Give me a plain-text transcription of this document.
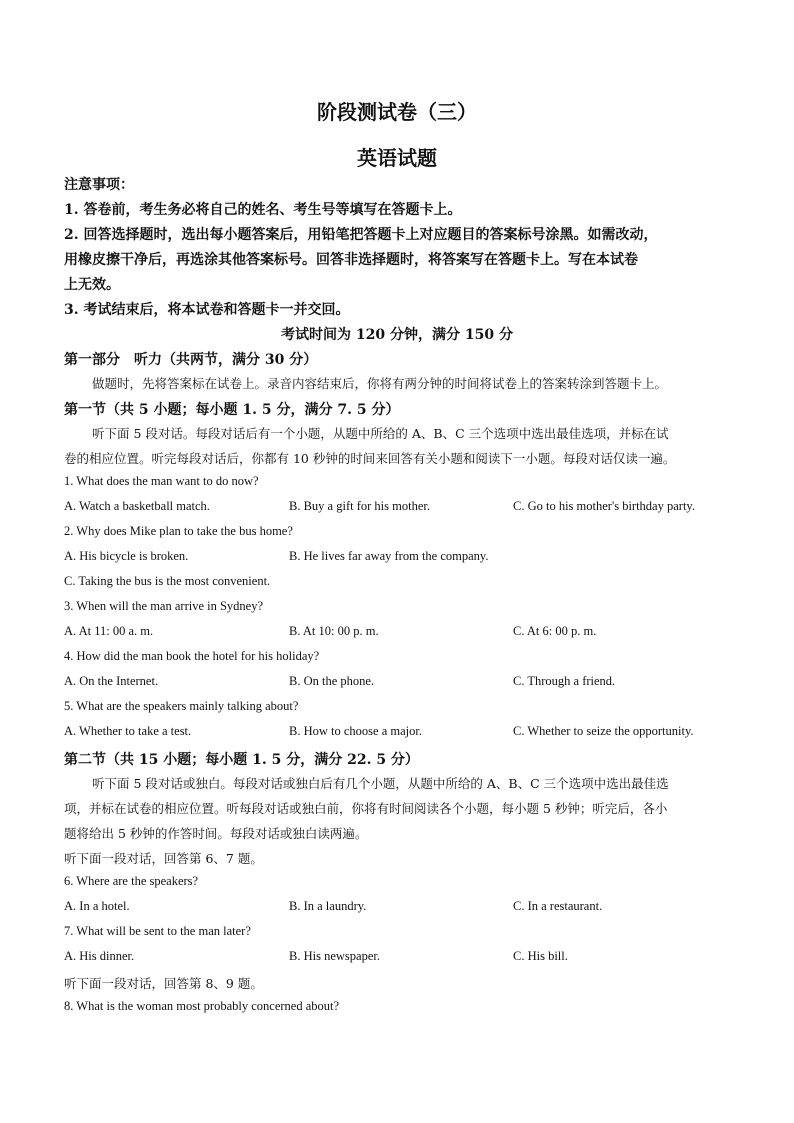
阶段测试卷（三）
英语试题
注意事项：
1. 答卷前，考生务必将自己的姓名、考生号等填写在答题卡上。
2. 回答选择题时，选出每小题答案后，用铅笔把答题卡上对应题目的答案标号涂黑。如需改动，
用橡皮擦干净后，再选涂其他答案标号。回答非选择题时，将答案写在答题卡上。写在本试卷
上无效。
3. 考试结束后，将本试卷和答题卡一并交回。
考试时间为 120 分钟，满分 150 分
第一部分　听力（共两节，满分 30 分）
做题时，先将答案标在试卷上。录音内容结束后，你将有两分钟的时间将试卷上的答案转涂到答题卡上。
第一节（共 5 小题；每小题 1. 5 分，满分 7. 5 分）
听下面 5 段对话。每段对话后有一个小题，从题中所给的 A、B、C 三个选项中选出最佳选项，并标在试
卷的相应位置。听完每段对话后，你都有 10 秒钟的时间来回答有关小题和阅读下一小题。每段对话仅读一遍。
1. What does the man want to do now?
A. Watch a basketball match.	B. Buy a gift for his mother.	C. Go to his mother's birthday party.
2. Why does Mike plan to take the bus home?
A. His bicycle is broken.	B. He lives far away from the company.
C. Taking the bus is the most convenient.
3. When will the man arrive in Sydney?
A. At 11: 00 a. m.	B. At 10: 00 p. m.	C. At 6: 00 p. m.
4. How did the man book the hotel for his holiday?
A. On the Internet.	B. On the phone.	C. Through a friend.
5. What are the speakers mainly talking about?
A. Whether to take a test.	B. How to choose a major.	C. Whether to seize the opportunity.
第二节（共 15 小题；每小题 1. 5 分，满分 22. 5 分）
听下面 5 段对话或独白。每段对话或独白后有几个小题，从题中所给的 A、B、C 三个选项中选出最佳选
项，并标在试卷的相应位置。听每段对话或独白前，你将有时间阅读各个小题，每小题 5 秒钟；听完后，各小
题将给出 5 秒钟的作答时间。每段对话或独白读两遍。
听下面一段对话，回答第 6、7 题。
6. Where are the speakers?
A. In a hotel.	B. In a laundry.	C. In a restaurant.
7. What will be sent to the man later?
A. His dinner.	B. His newspaper.	C. His bill.
听下面一段对话，回答第 8、9 题。
8. What is the woman most probably concerned about?
